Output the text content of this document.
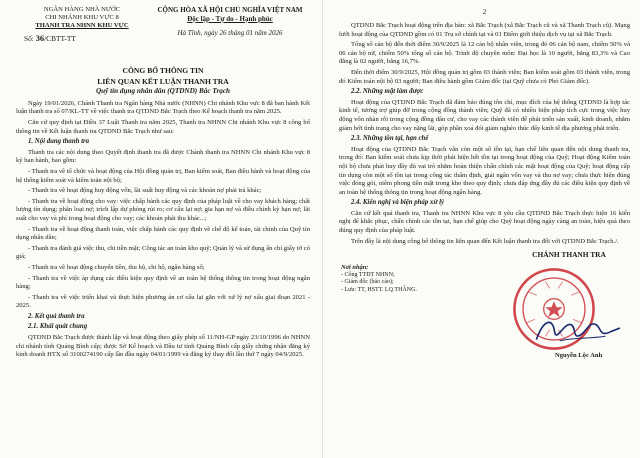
NGÂN HÀNG NHÀ NƯỚC
CHI NHÁNH KHU VỰC 8
THANH TRA NHNN KHU VỰC
Số: 36/CBTT-TT
CỘNG HÒA XÃ HỘI CHỦ NGHĨA VIỆT NAM
Độc lập - Tự do - Hạnh phúc
Hà Tĩnh, ngày 26 tháng 01 năm 2026
CÔNG BỐ THÔNG TIN
LIÊN QUAN KẾT LUẬN THANH TRA
Quỹ tín dụng nhân dân (QTDND) Bắc Trạch

Ngày 19/01/2026, Chánh Thanh tra Ngân hàng Nhà nước (NHNN) Chi nhánh Khu vực 8 đã ban hành Kết luận thanh tra số 07/KL-TT về việc thanh tra QTDND Bắc Trạch theo Kế hoạch thanh tra năm 2025.

Căn cứ quy định tại Điều 37 Luật Thanh tra năm 2025, Thanh tra NHNN Chi nhánh Khu vực 8 công bố thông tin về Kết luận thanh tra QTDND Bắc Trạch như sau:

1. Nội dung thanh tra

Thanh tra các nội dung theo Quyết định thanh tra đã được Chánh thanh tra NHNN Chi nhánh Khu vực 8 ký ban hành, bao gồm:

- Thanh tra về tổ chức và hoạt động của Hội đồng quản trị, Ban kiểm soát, Ban điều hành và hoạt động của hệ thống kiểm soát và kiểm toán nội bộ;

- Thanh tra về hoạt động huy động vốn, lãi suất huy động và các khoản nợ phải trả khác;

- Thanh tra về hoạt động cho vay: việc chấp hành các quy định của pháp luật về cho vay khách hàng; chất lượng tín dụng; phân loại nợ; trích lập dự phòng rủi ro; cơ cấu lại nợ; gia hạn nợ và điều chỉnh kỳ hạn nợ; lãi suất cho vay và phí trong hoạt động cho vay; các khoản phải thu khác...;

- Thanh tra về hoạt động thanh toán, việc chấp hành các quy định về chế độ kế toán, tài chính của Quỹ tín dụng nhân dân;

- Thanh tra đánh giá việc thu, chi tiền mặt; Công tác an toàn kho quỹ; Quản lý và sử dụng ấn chỉ giấy tờ có giá;

- Thanh tra về hoạt động chuyển tiền, thu hộ, chi hộ, ngân hàng số;

- Thanh tra về việc áp dụng các điều kiện quy định về an toàn hệ thống thông tin trong hoạt động ngân hàng;

- Thanh tra về việc triển khai và thực hiện phương án cơ cấu lại gắn với xử lý nợ xấu giai đoạn 2021 - 2025.

2. Kết quả thanh tra

2.1. Khái quát chung

QTDND Bắc Trạch được thành lập và hoạt động theo giấy phép số 11/NH-GP ngày 23/10/1996 do NHNN chi nhánh tỉnh Quảng Bình cấp; được Sở Kế hoạch và Đầu tư tỉnh Quảng Bình cấp giấy chứng nhận đăng ký kinh doanh HTX số 3100274190 cấp lần đầu ngày 04/01/1999 và đăng ký thay đổi lần thứ 7 ngày 04/9/2025.

2

QTDND Bắc Trạch hoạt động trên địa bàn: xã Bắc Trạch (xã Bắc Trạch cũ và xã Thanh Trạch cũ). Mạng lưới hoạt động của QTDND gồm có 01 Trụ sở chính tại và 01 Điểm giới thiệu dịch vụ tại xã Bắc Trạch.

Tổng số cán bộ đến thời điểm 30/9/2025 là 12 cán bộ nhân viên, trong đó 06 cán bộ nam, chiếm 50% và 06 cán bộ nữ, chiếm 50% tổng số cán bộ. Trình độ chuyên môn: Đại học là 10 người, bằng 83,3% và Cao đẳng là 02 người, bằng 16,7%.

Đến thời điểm 30/9/2025, Hội đồng quản trị gồm 03 thành viên; Ban kiểm soát gồm 03 thành viên, trong đó Kiểm toán nội bộ 03 người; Ban điều hành gồm Giám đốc (tại Quỹ chưa có Phó Giám đốc).

2.2. Những mặt làm được

Hoạt động của QTDND Bắc Trạch đã đảm bảo đúng tôn chỉ, mục đích của hệ thống QTDND là hợp tác kinh tế, tương trợ giúp đỡ trong cộng đồng thành viên; Quỹ đã có nhiều biện pháp tích cực trong việc huy động vốn nhàn rỗi trong cộng đồng dân cư, cho vay các thành viên để phát triển sản xuất, kinh doanh, nhằm giảm bớt tình trạng cho vay nặng lãi, góp phần xoá đói giảm nghèo thúc đẩy kinh tế địa phương phát triển.

2.3. Những tồn tại, hạn chế

Hoạt động của QTDND Bắc Trạch vẫn còn một số tồn tại, hạn chế liên quan đến nội dung thanh tra, trong đó: Ban kiểm soát chưa kịp thời phát hiện hết tồn tại trong hoạt động của Quỹ; Hoạt động Kiểm toán nội bộ chưa phát huy đầy đủ vai trò nhằm hoàn thiện chấn chỉnh các mặt hoạt động của Quỹ; hoạt động cấp tín dụng còn một số tồn tại trong công tác thẩm định, giải ngân vốn vay và thu nợ vay; chưa thực hiện đúng việc đóng gói, niêm phong tiền mặt trong kho theo quy định; chưa đáp ứng đầy đủ các điều kiện quy định về an toàn hệ thống thông tin trong hoạt động ngân hàng.

2.4. Kiến nghị và biện pháp xử lý

Căn cứ kết quả thanh tra, Thanh tra NHNN Khu vực 8 yêu cầu QTDND Bắc Trạch thực hiện 16 kiến nghị để khắc phục, chấn chỉnh các tồn tại, hạn chế giúp cho Quỹ hoạt động ngày càng an toàn, hiệu quả theo đúng quy định của pháp luật.

Trên đây là nội dung công bố thông tin liên quan đến Kết luận thanh tra đối với QTDND Bắc Trạch./.

Nơi nhận:
- Công TTĐT NHNN;
- Giám đốc (bảo cáo);
- Lưu: TT, HSTT. LQ.THẮNG.
CHÁNH THANH TRA
Nguyễn Lộc Anh
